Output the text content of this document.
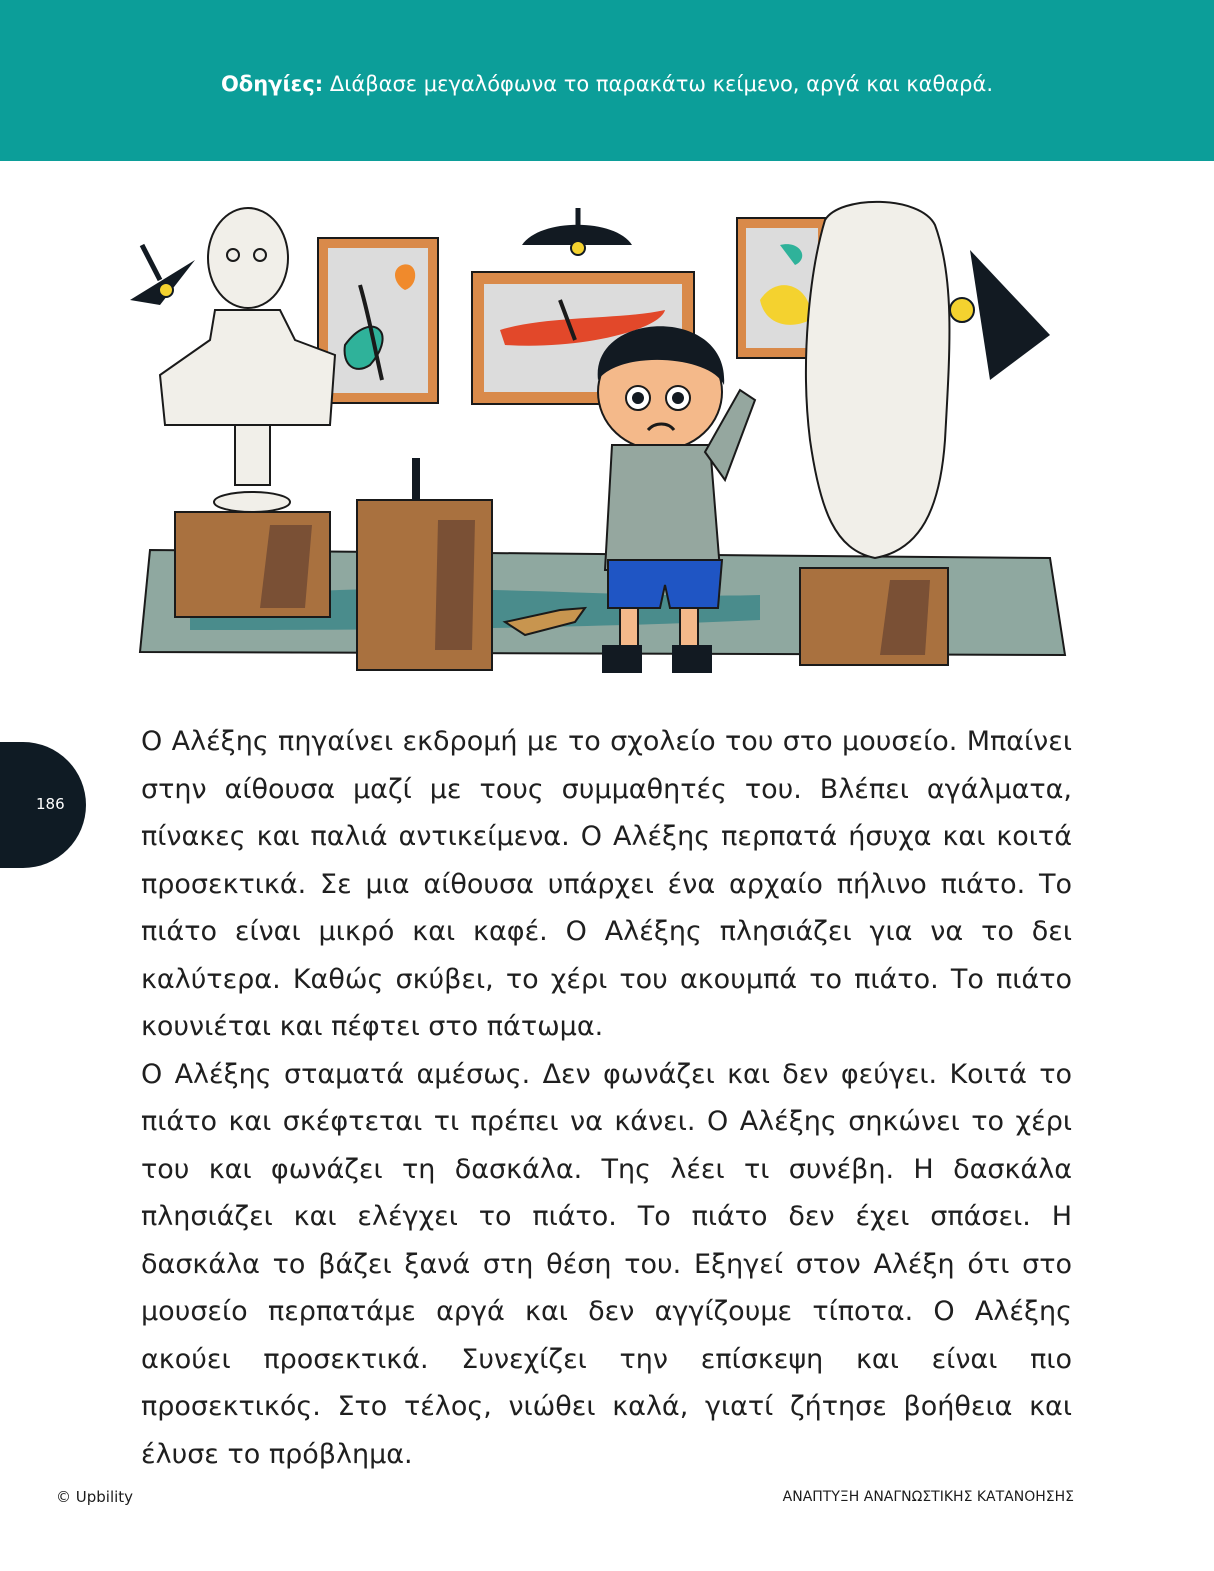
Οδηγίες: Διάβασε μεγαλόφωνα το παρακάτω κείμενο, αργά και καθαρά.
186

Ο Αλέξης πηγαίνει εκδρομή με το σχολείο του στο μουσείο. Μπαίνει στην αίθουσα μαζί με τους συμμαθητές του. Βλέπει αγάλματα, πίνακες και παλιά αντικείμενα. Ο Αλέξης περπατά ήσυχα και κοιτά προσεκτικά. Σε μια αίθουσα υπάρχει ένα αρχαίο πήλινο πιάτο. Το πιάτο είναι μικρό και καφέ. Ο Αλέξης πλησιάζει για να το δει καλύτερα. Καθώς σκύβει, το χέρι του ακουμπά το πιάτο. Το πιάτο κουνιέται και πέφτει στο πάτωμα.

Ο Αλέξης σταματά αμέσως. Δεν φωνάζει και δεν φεύγει. Κοιτά το πιάτο και σκέφτεται τι πρέπει να κάνει. Ο Αλέξης σηκώνει το χέρι του και φωνάζει τη δασκάλα. Της λέει τι συνέβη. Η δασκάλα πλησιάζει και ελέγχει το πιάτο. Το πιάτο δεν έχει σπάσει. Η δασκάλα το βάζει ξανά στη θέση του. Εξηγεί στον Αλέξη ότι στο μουσείο περπατάμε αργά και δεν αγγίζουμε τίποτα. Ο Αλέξης ακούει προσεκτικά. Συνεχίζει την επίσκεψη και είναι πιο προσεκτικός. Στο τέλος, νιώθει καλά, γιατί ζήτησε βοήθεια και έλυσε το πρόβλημα.

© Upbility	ΑΝΑΠΤΥΞΗ ΑΝΑΓΝΩΣΤΙΚΗΣ ΚΑΤΑΝΟΗΣΗΣ
